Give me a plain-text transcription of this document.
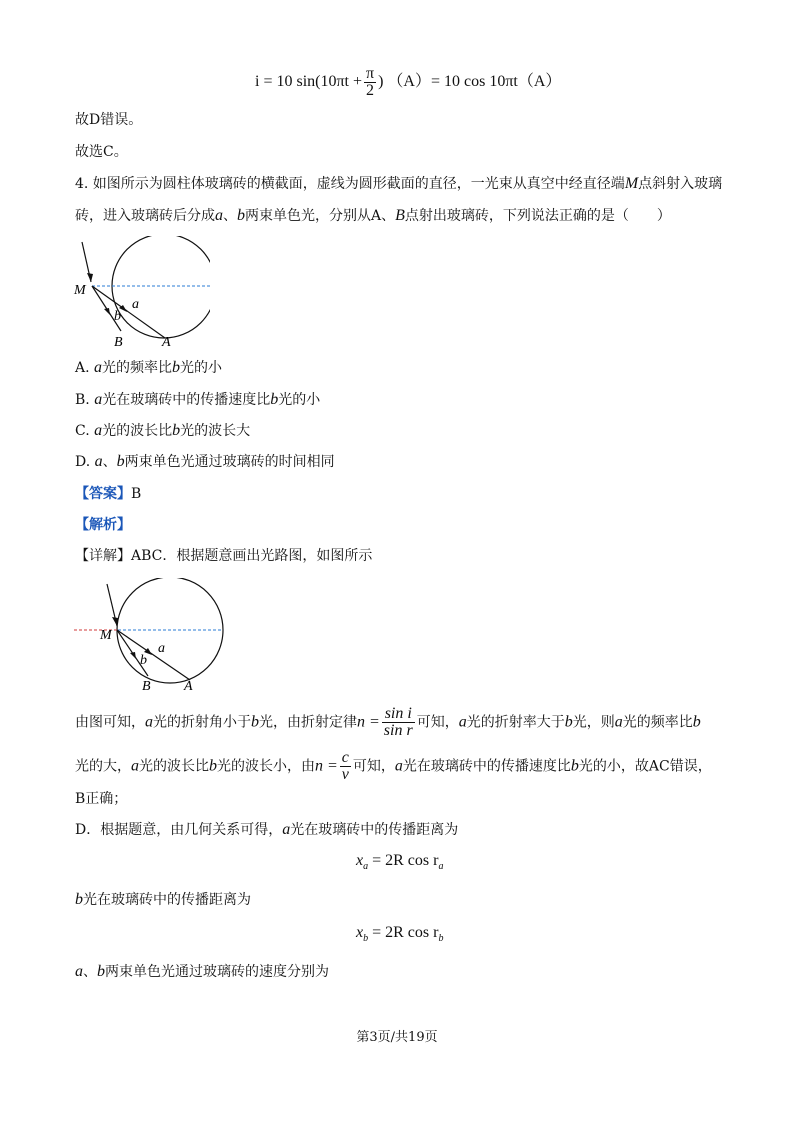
i = 10 $\sin(10\pi t + \frac{\pi}{2}$ ) （A）= 10 cos 10πt（A）
故D错误。
故选C。
4. 如图所示为圆柱体玻璃砖的横截面，虚线为圆形截面的直径，一光束从真空中经直径端M点斜射入玻璃
砖，进入玻璃砖后分成a、b两束单色光，分别从A、B点射出玻璃砖，下列说法正确的是（　　）
M
a
b
B	A
A. a光的频率比b光的小
B. a光在玻璃砖中的传播速度比b光的小
C. a光的波长比b光的波长大
D. a、b两束单色光通过玻璃砖的时间相同
【答案】B
【解析】
【详解】ABC．根据题意画出光路图，如图所示
M
a
b
B A
由图可知，a光的折射角小于b光，由折射定律$n = \frac{\text{sin i}}{\text{sin r}}$ 可知，a光的折射率大于b光，则a光的频率比b
光的大，a光的波长比b光的波长小，由$n = \frac{c}{v}$ 可知，a光在玻璃砖中的传播速度比b光的小，故AC错误，
B正确；
D．根据题意，由几何关系可得，a光在玻璃砖中的传播距离为
$x_a = 2R$ $\cos r_a$
b光在玻璃砖中的传播距离为
$x_b = 2R$ $\cos r_b$
a、b两束单色光通过玻璃砖的速度分别为
第3页/共19页
